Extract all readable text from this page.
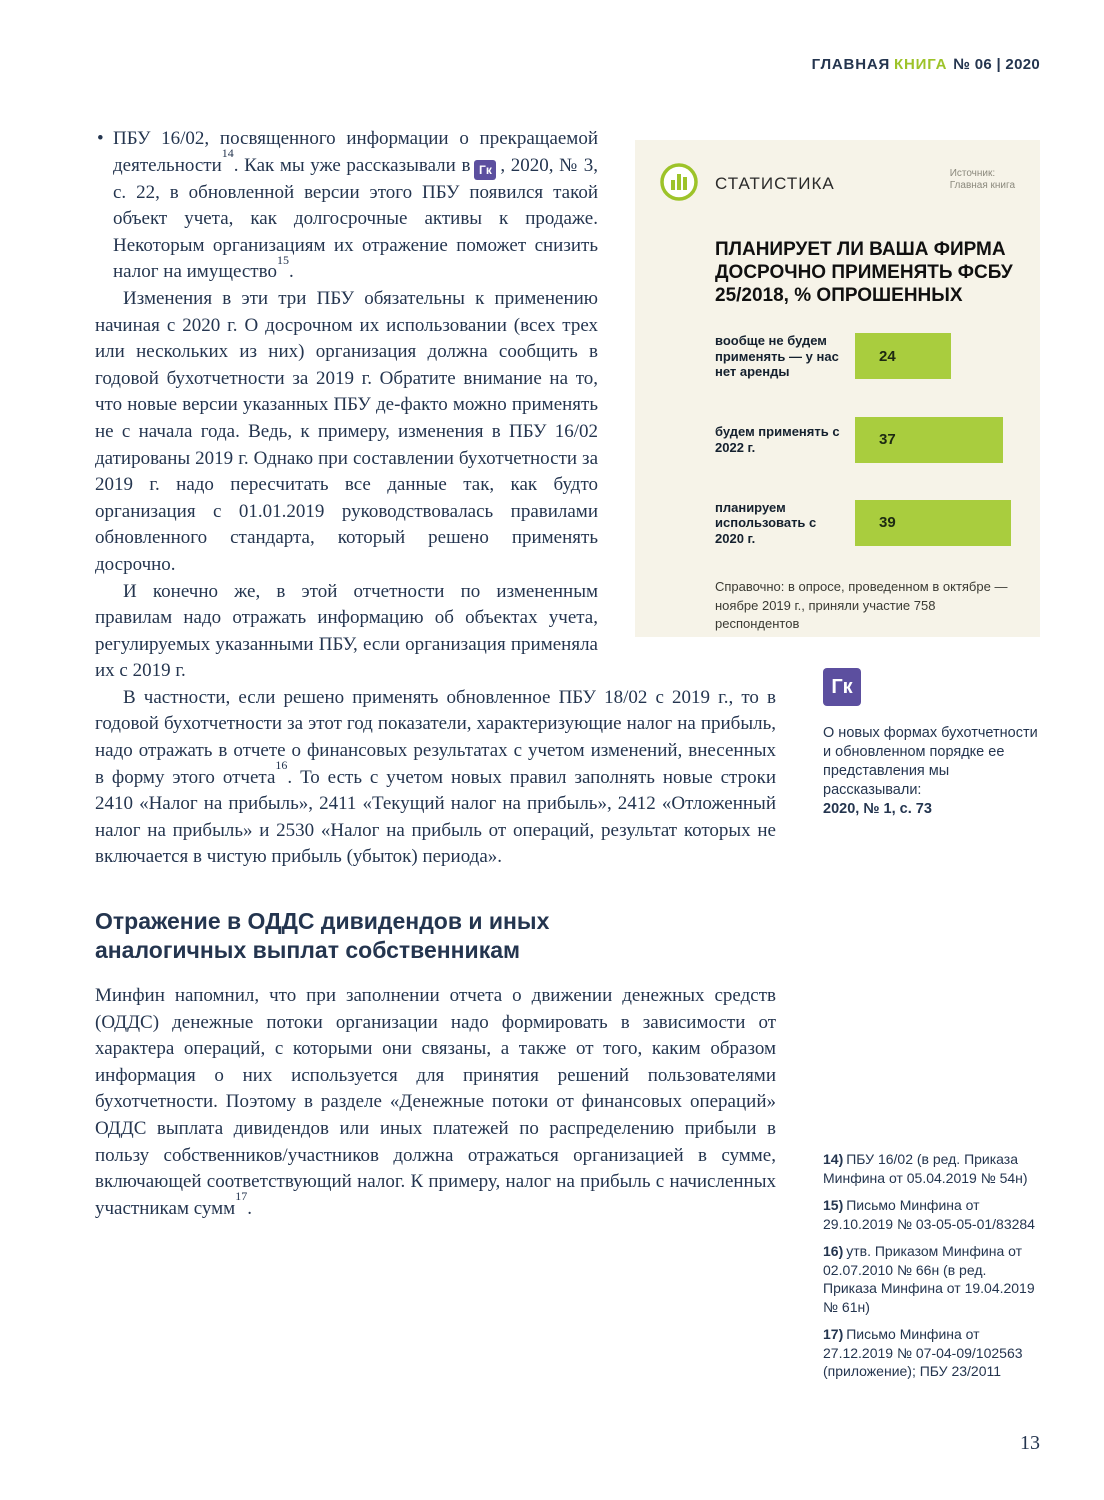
ГЛАВНАЯ КНИГА № 06 | 2020

• ПБУ 16/02, посвященного информации о прекращаемой деятельности$^{14}$. Как мы уже рассказывали в Гк , 2020, № 3, с. 22, в обновленной версии этого ПБУ появился такой объект учета, как долгосрочные активы к продаже. Некоторым организациям их отражение поможет снизить налог на имущество$^{15}$.

Изменения в эти три ПБУ обязательны к применению начиная с 2020 г. О досрочном их использовании (всех трех или нескольких из них) организация должна сообщить в годовой бухотчетности за 2019 г. Обратите внимание на то, что новые версии указанных ПБУ де-факто можно применять не с начала года. Ведь, к примеру, изменения в ПБУ 16/02 датированы 2019 г. Однако при составлении бухотчетности за 2019 г. надо пересчитать все данные так, как будто организация с 01.01.2019 руководствовалась правилами обновленного стандарта, который решено применять досрочно.

И конечно же, в этой отчетности по измененным правилам надо отражать информацию об объектах учета, регулируемых указанными ПБУ, если организация применяла их с 2019 г.

В частности, если решено применять обновленное ПБУ 18/02 с 2019 г., то в годовой бухотчетности за этот год показатели, характеризующие налог на прибыль, надо отражать в отчете о финансовых результатах с учетом изменений, внесенных в форму этого отчета$^{16}$. То есть с учетом новых правил заполнять новые строки 2410 «Налог на прибыль», 2411 «Текущий налог на прибыль», 2412 «Отложенный налог на прибыль» и 2530 «Налог на прибыль от операций, результат которых не включается в чистую прибыль (убыток) периода».

Отражение в ОДДС дивидендов и иных аналогичных выплат собственникам

Минфин напомнил, что при заполнении отчета о движении денежных средств (ОДДС) денежные потоки организации надо формировать в зависимости от характера операций, с которыми они связаны, а также от того, каким образом информация о них используется для принятия решений пользователями бухотчетности. Поэтому в разделе «Денежные потоки от финансовых операций» ОДДС выплата дивидендов или иных платежей по распределению прибыли в пользу собственников/участников должна отражаться организацией в сумме, включающей соответствующий налог. К примеру, налог на прибыль с начисленных участникам сумм$^{17}$.

СТАТИСТИКА
Источник:
Главная книга
ПЛАНИРУЕТ ЛИ ВАША ФИРМА ДОСРОЧНО ПРИМЕНЯТЬ ФСБУ 25/2018, % ОПРОШЕННЫХ
вообще не будем применять — у нас нет аренды
24
будем применять с 2022 г.	37
планируем использовать с 2020 г.
39
Справочно: в опросе, проведенном в октябре — ноябре 2019 г., приняли участие 758 респондентов
Гк
О новых формах бухотчетности и обновленном порядке ее представления мы рассказывали:
2020, № 1, с. 73
14) ПБУ 16/02 (в ред. Приказа Минфина от 05.04.2019 № 54н)
15) Письмо Минфина от 29.10.2019 № 03-05-05-01/83284
16) утв. Приказом Минфина от 02.07.2010 № 66н (в ред. Приказа Минфина от 19.04.2019 № 61н)
17) Письмо Минфина от 27.12.2019 № 07-04-09/102563 (приложение); ПБУ 23/2011
13
